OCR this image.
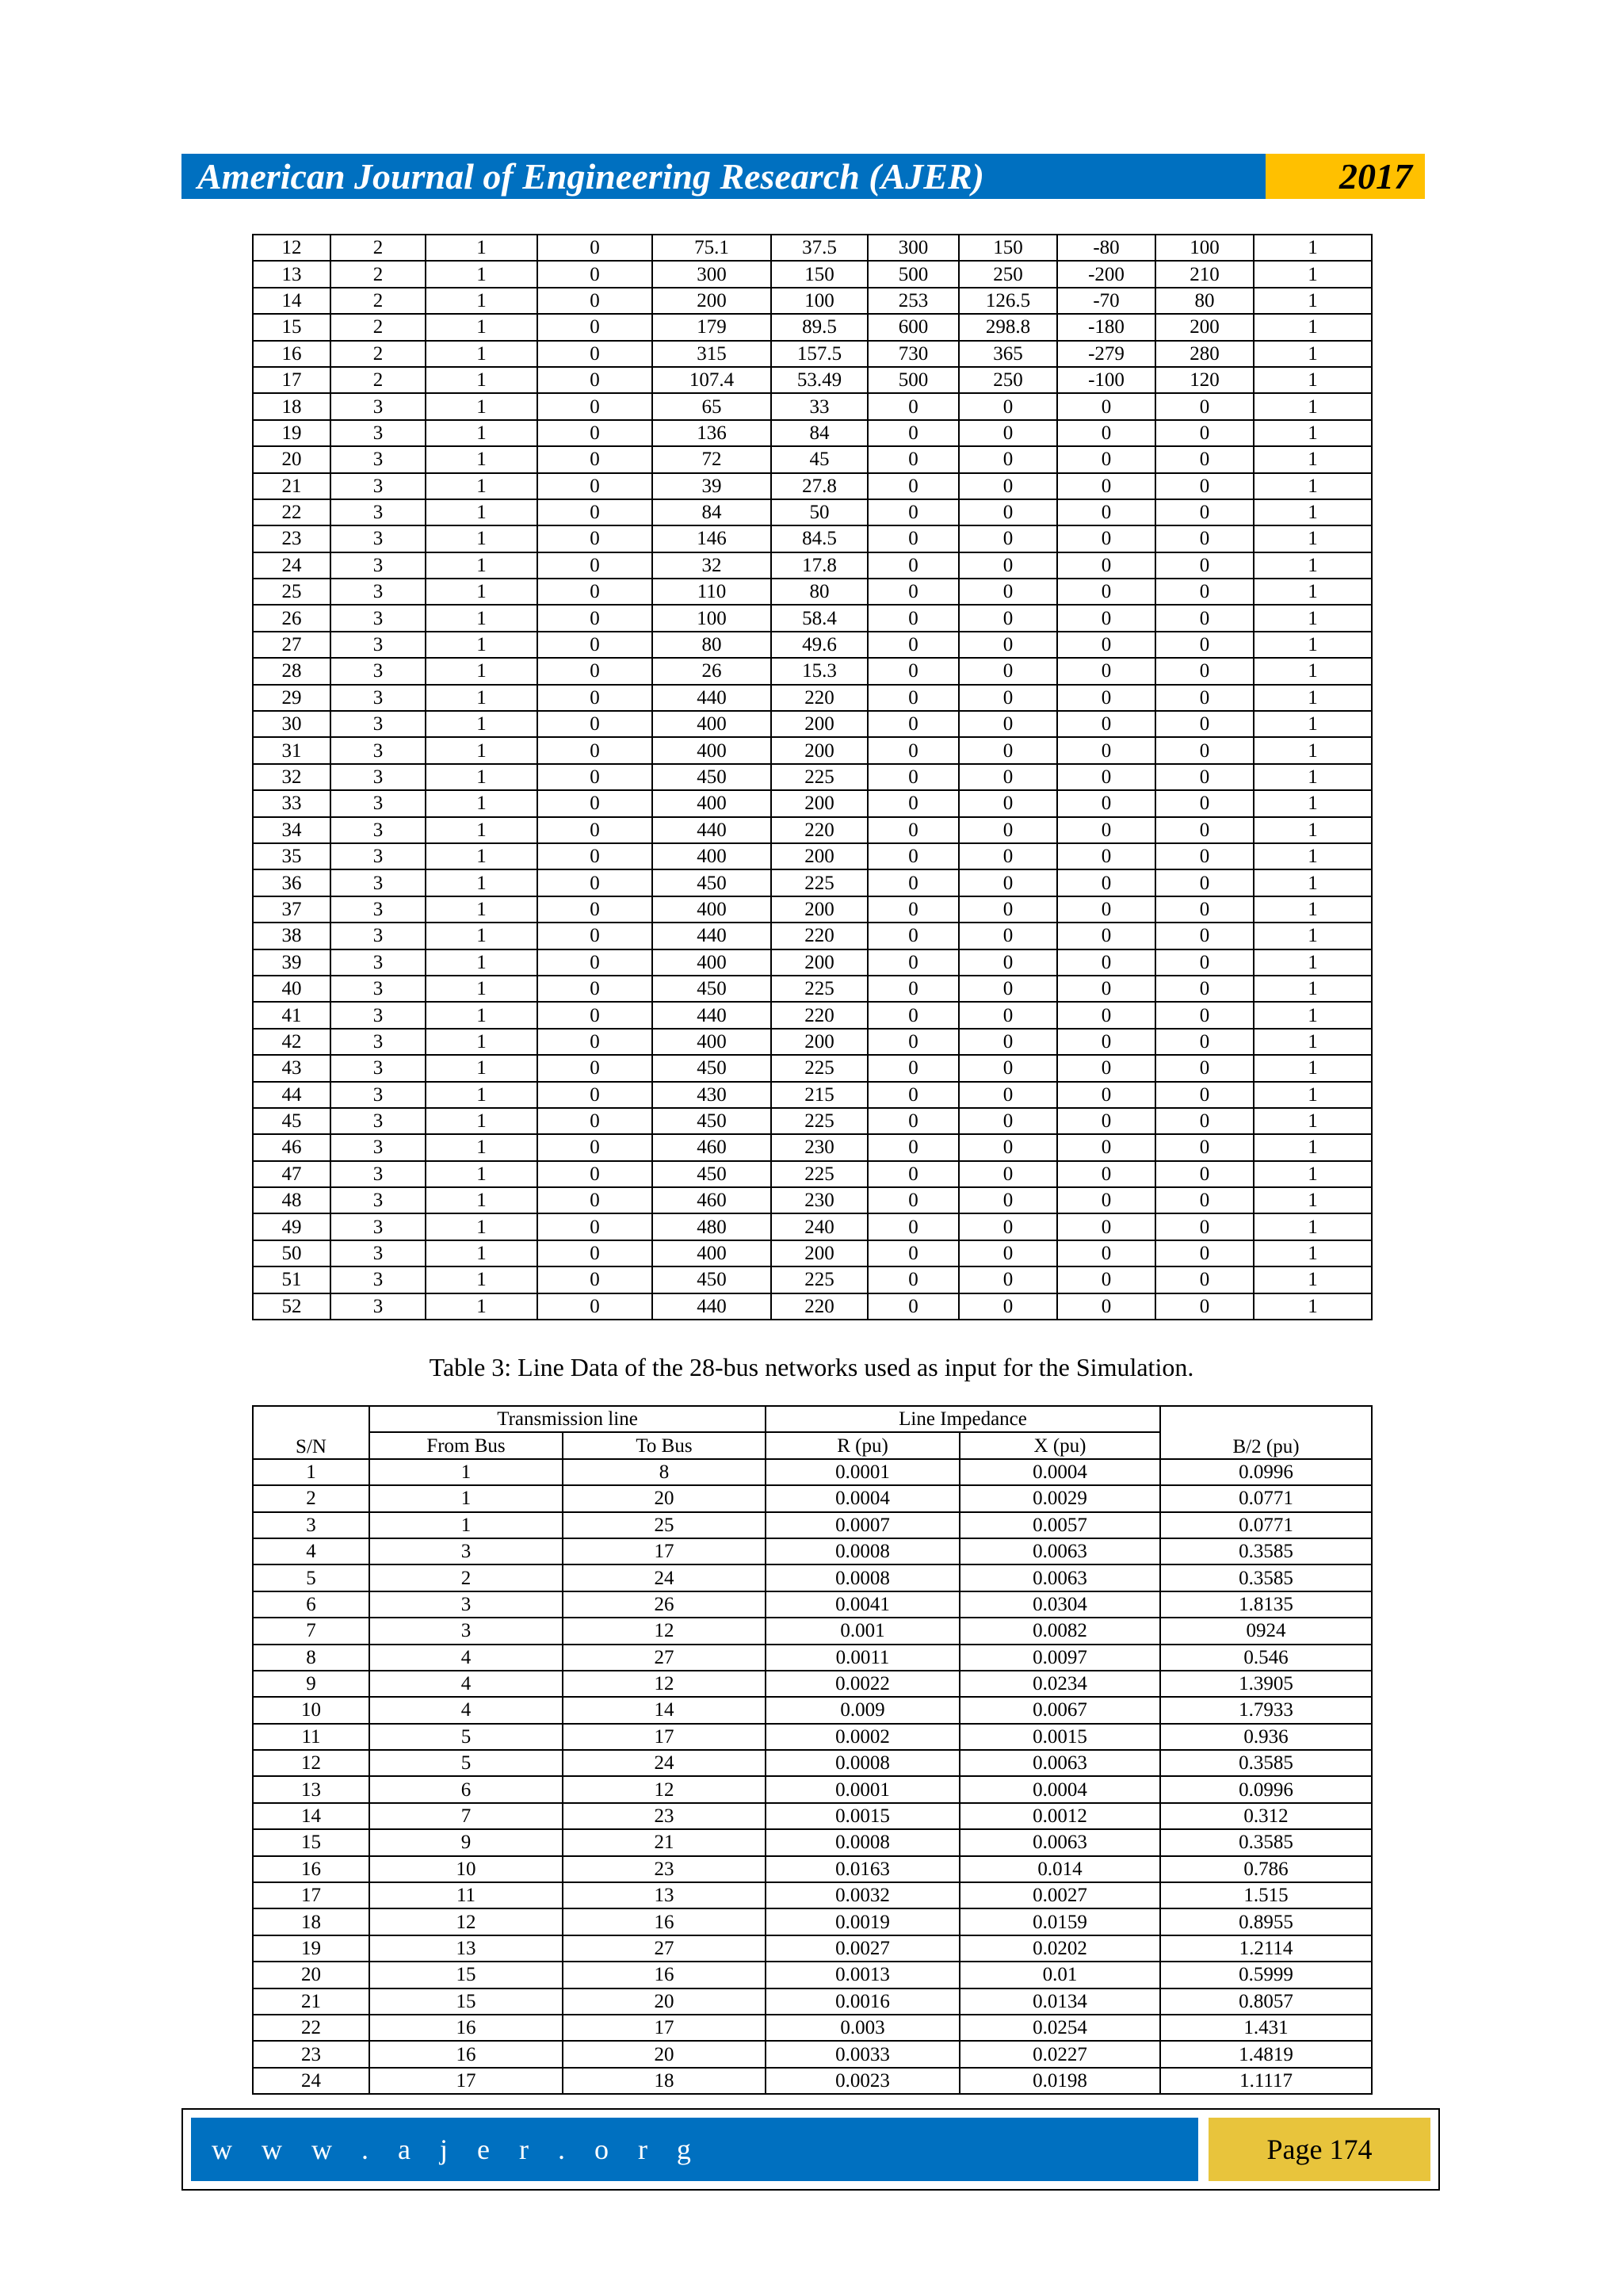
American Journal of Engineering Research (AJER)	2017
12	2	1	0	75.1	37.5	300	150	-80	100	1
13	2	1	0	300	150	500	250	-200	210	1
14	2	1	0	200	100	253	126.5	-70	80	1
15	2	1	0	179	89.5	600	298.8	-180	200	1
16	2	1	0	315	157.5	730	365	-279	280	1
17	2	1	0	107.4	53.49	500	250	-100	120	1
18	3	1	0	65	33	0	0	0	0	1
19	3	1	0	136	84	0	0	0	0	1
20	3	1	0	72	45	0	0	0	0	1
21	3	1	0	39	27.8	0	0	0	0	1
22	3	1	0	84	50	0	0	0	0	1
23	3	1	0	146	84.5	0	0	0	0	1
24	3	1	0	32	17.8	0	0	0	0	1
25	3	1	0	110	80	0	0	0	0	1
26	3	1	0	100	58.4	0	0	0	0	1
27	3	1	0	80	49.6	0	0	0	0	1
28	3	1	0	26	15.3	0	0	0	0	1
29	3	1	0	440	220	0	0	0	0	1
30	3	1	0	400	200	0	0	0	0	1
31	3	1	0	400	200	0	0	0	0	1
32	3	1	0	450	225	0	0	0	0	1
33	3	1	0	400	200	0	0	0	0	1
34	3	1	0	440	220	0	0	0	0	1
35	3	1	0	400	200	0	0	0	0	1
36	3	1	0	450	225	0	0	0	0	1
37	3	1	0	400	200	0	0	0	0	1
38	3	1	0	440	220	0	0	0	0	1
39	3	1	0	400	200	0	0	0	0	1
40	3	1	0	450	225	0	0	0	0	1
41	3	1	0	440	220	0	0	0	0	1
42	3	1	0	400	200	0	0	0	0	1
43	3	1	0	450	225	0	0	0	0	1
44	3	1	0	430	215	0	0	0	0	1
45	3	1	0	450	225	0	0	0	0	1
46	3	1	0	460	230	0	0	0	0	1
47	3	1	0	450	225	0	0	0	0	1
48	3	1	0	460	230	0	0	0	0	1
49	3	1	0	480	240	0	0	0	0	1
50	3	1	0	400	200	0	0	0	0	1
51	3	1	0	450	225	0	0	0	0	1
52	3	1	0	440	220	0	0	0	0	1
Table 3: Line Data of the 28-bus networks used as input for the Simulation.
S/N	Transmission line		Line Impedance		B/2 (pu)
	From Bus	To Bus	R (pu)	X (pu)	
1	1	8	0.0001	0.0004	0.0996
2	1	20	0.0004	0.0029	0.0771
3	1	25	0.0007	0.0057	0.0771
4	3	17	0.0008	0.0063	0.3585
5	2	24	0.0008	0.0063	0.3585
6	3	26	0.0041	0.0304	1.8135
7	3	12	0.001	0.0082	0924
8	4	27	0.0011	0.0097	0.546
9	4	12	0.0022	0.0234	1.3905
10	4	14	0.009	0.0067	1.7933
11	5	17	0.0002	0.0015	0.936
12	5	24	0.0008	0.0063	0.3585
13	6	12	0.0001	0.0004	0.0996
14	7	23	0.0015	0.0012	0.312
15	9	21	0.0008	0.0063	0.3585
16	10	23	0.0163	0.014	0.786
17	11	13	0.0032	0.0027	1.515
18	12	16	0.0019	0.0159	0.8955
19	13	27	0.0027	0.0202	1.2114
20	15	16	0.0013	0.01	0.5999
21	15	20	0.0016	0.0134	0.8057
22	16	17	0.003	0.0254	1.431
23	16	20	0.0033	0.0227	1.4819
24	17	18	0.0023	0.0198	1.1117
w w w . a j e r . o r g	Page 174
